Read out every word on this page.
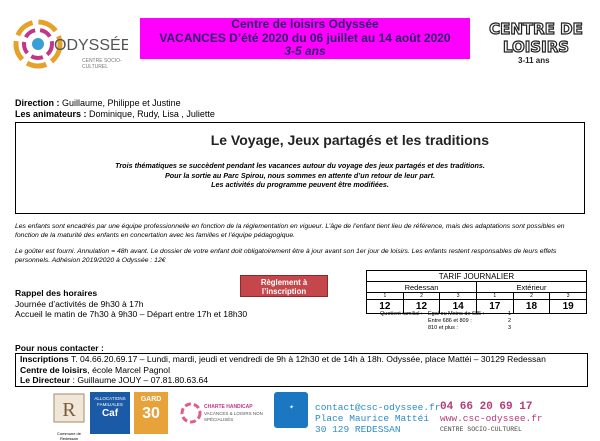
ODYSSÉE
CENTRE SOCIO-CULTUREL
Centre de loisirs Odyssée
VACANCES D’été 2020 du 06 juillet au 14 août 2020
3-5 ans
CENTRE DE
LOISIRS
3-11 ans
Direction : Guillaume, Philippe et Justine
Les animateurs : Dominique, Rudy, Lisa , Juliette
Le Voyage, Jeux partagés et les traditions
Trois thématiques se succèdent pendant les vacances autour du voyage des jeux partagés et des traditions.
Pour la sortie au Parc Spirou, nous sommes en attente d’un retour de leur part.
Les activités du programme peuvent être modifiées.
Les enfants sont encadrés par une équipe professionnelle en fonction de la réglementation en vigueur. L’âge de l’enfant tient lieu de référence, mais des adaptations sont possibles en fonction de la maturité des enfants en concertation avec les familles et l’équipe pédagogique.
Le goûter est fourni. Annulation = 48h avant. Le dossier de votre enfant doit obligatoirement être à jour avant son 1er jour de loisirs. Les enfants restent responsables de leurs effets personnels. Adhésion 2019/2020 à Odyssée : 12€
Rappel des horaires
Journée d’activités de 9h30 à 17h
Accueil le matin de 7h30 à 9h30 – Départ entre 17h et 18h30
Règlement à l’inscription
TARIF JOURNALIER					
Redessan			Extérieur		
1	2	3	1	2	3
12	12	14	17	18	19
Quotient familial : Egal ou Moins de 685 :	1
Entre 686 et 809 :	2
810 et plus :	3
Pour nous contacter :
Inscriptions T. 04.66.20.69.17 – Lundi, mardi, jeudi et vendredi de 9h à 12h30 et de 14h à 18h. Odyssée, place Mattéi – 30129 Redessan
Centre de loisirs, école Marcel Pagnol
Le Directeur : Guillaume JOUY – 07.81.80.63.64
R
Commune de Redessan
ALLOCATIONS FAMILIALES
Caf
GARD
30	CHARTE HANDICAP
VACANCES & LOISIRS NON SPÉCIALISÉS
✦	contact@csc-odyssee.fr
Place Maurice Mattéi
30 129 REDESSAN
04 66 20 69 17
www.csc-odyssee.fr
CENTRE SOCIO-CULTUREL
